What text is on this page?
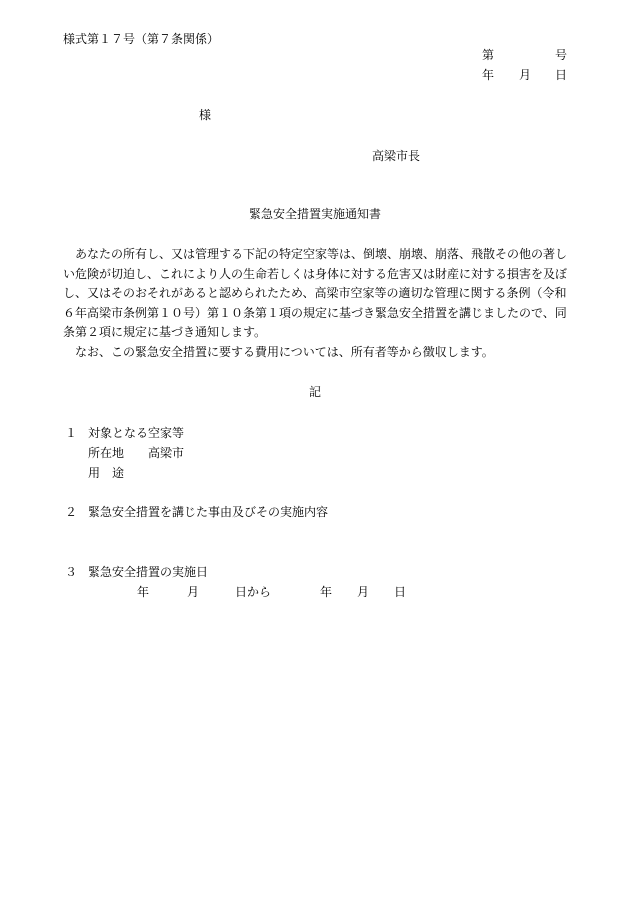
様式第１７号（第７条関係）
第	号
年 月 日
様
高梁市長
緊急安全措置実施通知書

あなたの所有し、又は管理する下記の特定空家等は、倒壊、崩壊、崩落、飛散その他の著しい危険が切迫し、これにより人の生命若しくは身体に対する危害又は財産に対する損害を及ぼし、又はそのおそれがあると認められたため、高梁市空家等の適切な管理に関する条例（令和６年高梁市条例第１０号）第１０条第１項の規定に基づき緊急安全措置を講じましたので、同条第２項に規定に基づき通知します。

なお、この緊急安全措置に要する費用については、所有者等から徴収します。

記
１ 対象となる空家等
所在地 高梁市
用　途
２ 緊急安全措置を講じた事由及びその実施内容
３ 緊急安全措置の実施日
年	月	日から	年 月 日
